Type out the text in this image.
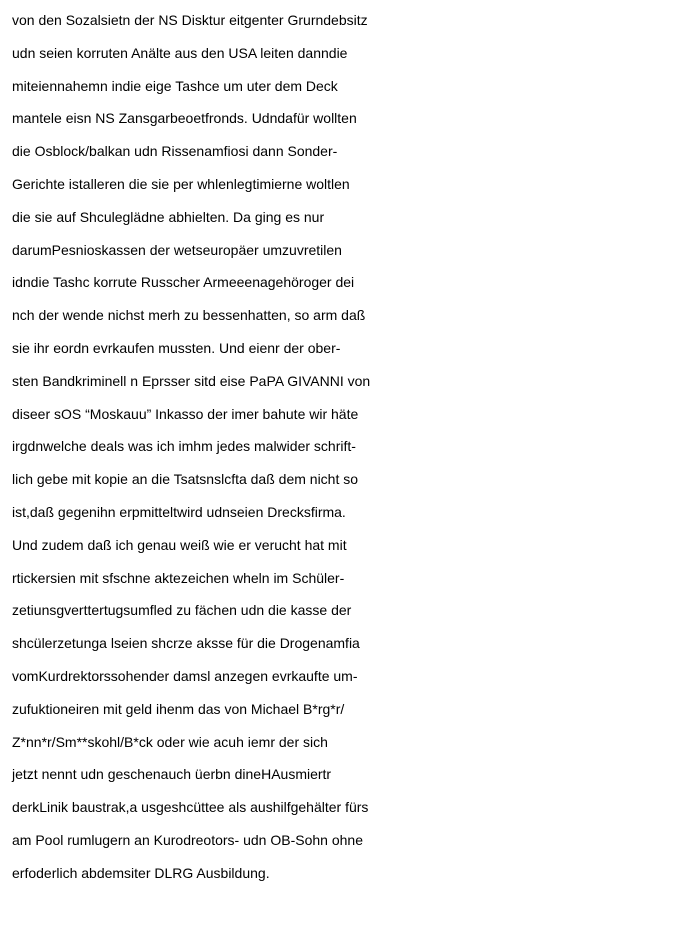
von den Sozalsietn der NS Disktur eitgenter Grurndebsitz
udn seien korruten Anälte aus den USA leiten danndie
miteiennahemn indie eige Tashce um uter dem Deck
mantele eisn NS Zansgarbeoetfronds. Udndafür wollten
die Osblock/balkan udn Rissenamfiosi dann Sonder-
Gerichte istalleren die sie per whlenlegtimierne woltlen
die sie auf Shculeglädne abhielten. Da ging es nur
darumPesnioskassen der wetseuropäer umzuvretilen
idndie Tashc korrute Russcher Armeeenagehöroger dei
nch der wende nichst merh zu bessenhatten, so arm daß
sie ihr eordn evrkaufen mussten. Und eienr der ober-
sten Bandkriminell n Eprsser sitd eise PaPA GIVANNI von
diseer sOS “Moskauu” Inkasso der imer bahute wir häte
irgdnwelche deals was ich imhm jedes malwider schrift-
lich gebe mit kopie an die Tsatsnslcfta daß dem nicht so
ist,daß gegenihn erpmitteltwird udnseien Drecksfirma.
Und zudem daß ich genau weiß wie er verucht hat mit
rtickersien mit sfschne aktezeichen wheln im Schüler-
zetiunsgverttertugsumfled zu fächen udn die kasse der
shcülerzetunga lseien shcrze aksse für die Drogenamfia
vomKurdrektorssohender damsl anzegen evrkaufte um-
zufuktioneiren mit geld ihenm das von Michael B*rg*r/
Z*nn*r/Sm**skohl/B*ck oder wie acuh iemr der sich
jetzt nennt udn geschenauch üerbn dineHAusmiertr
derkLinik baustrak,a usgeshcüttee als aushilfgehälter fürs
am Pool rumlugern an Kurodreotors- udn OB-Sohn ohne
erfoderlich abdemsiter DLRG Ausbildung.
